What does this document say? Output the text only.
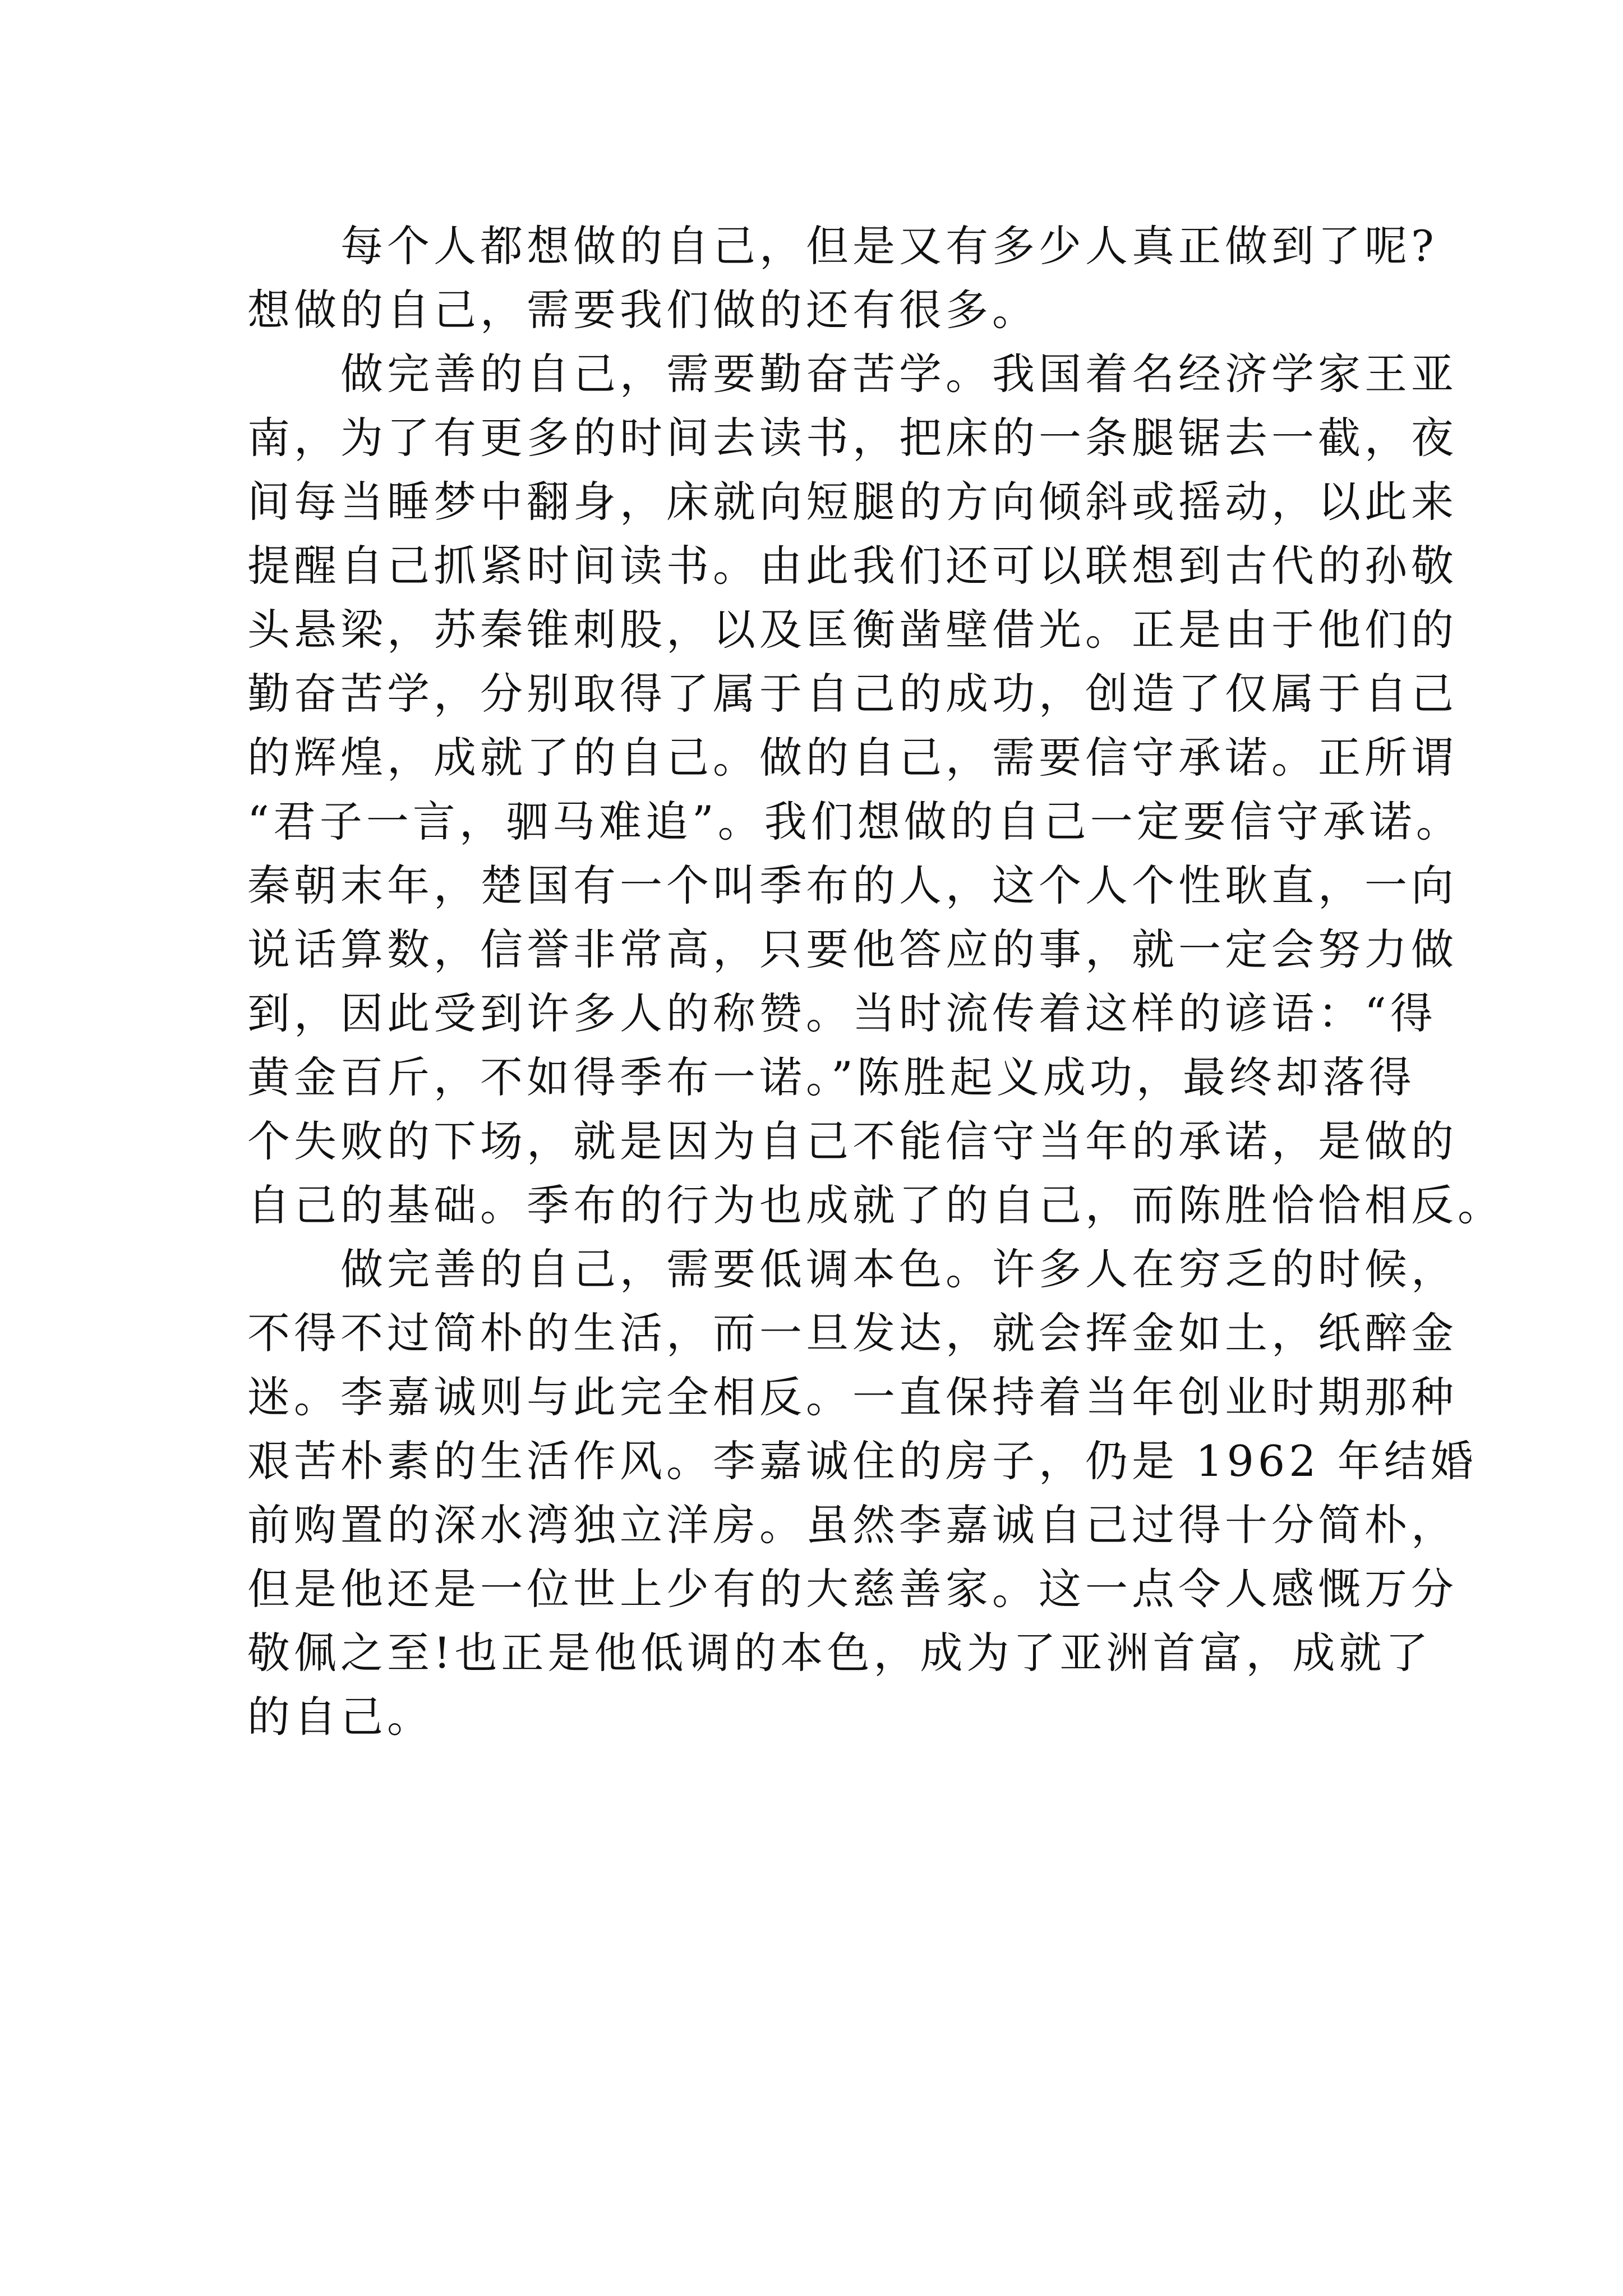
每个人都想做的自己，但是又有多少人真正做到了呢?
想做的自己，需要我们做的还有很多。
做完善的自己，需要勤奋苦学。我国着名经济学家王亚
南，为了有更多的时间去读书，把床的一条腿锯去一截，夜
间每当睡梦中翻身，床就向短腿的方向倾斜或摇动，以此来
提醒自己抓紧时间读书。由此我们还可以联想到古代的孙敬
头悬梁，苏秦锥刺股，以及匡衡凿壁借光。正是由于他们的
勤奋苦学，分别取得了属于自己的成功，创造了仅属于自己
的辉煌，成就了的自己。做的自己，需要信守承诺。正所谓
“君子一言，驷马难追”。我们想做的自己一定要信守承诺。
秦朝末年，楚国有一个叫季布的人，这个人个性耿直，一向
说话算数，信誉非常高，只要他答应的事，就一定会努力做
到，因此受到许多人的称赞。当时流传着这样的谚语：“得
黄金百斤，不如得季布一诺。”陈胜起义成功，最终却落得
个失败的下场，就是因为自己不能信守当年的承诺，是做的
自己的基础。季布的行为也成就了的自己，而陈胜恰恰相反。
做完善的自己，需要低调本色。许多人在穷乏的时候，
不得不过简朴的生活，而一旦发达，就会挥金如土，纸醉金
迷。李嘉诚则与此完全相反。一直保持着当年创业时期那种
艰苦朴素的生活作风。李嘉诚住的房子，仍是 1962 年结婚
前购置的深水湾独立洋房。虽然李嘉诚自己过得十分简朴，
但是他还是一位世上少有的大慈善家。这一点令人感慨万分
敬佩之至!也正是他低调的本色，成为了亚洲首富，成就了
的自己。
